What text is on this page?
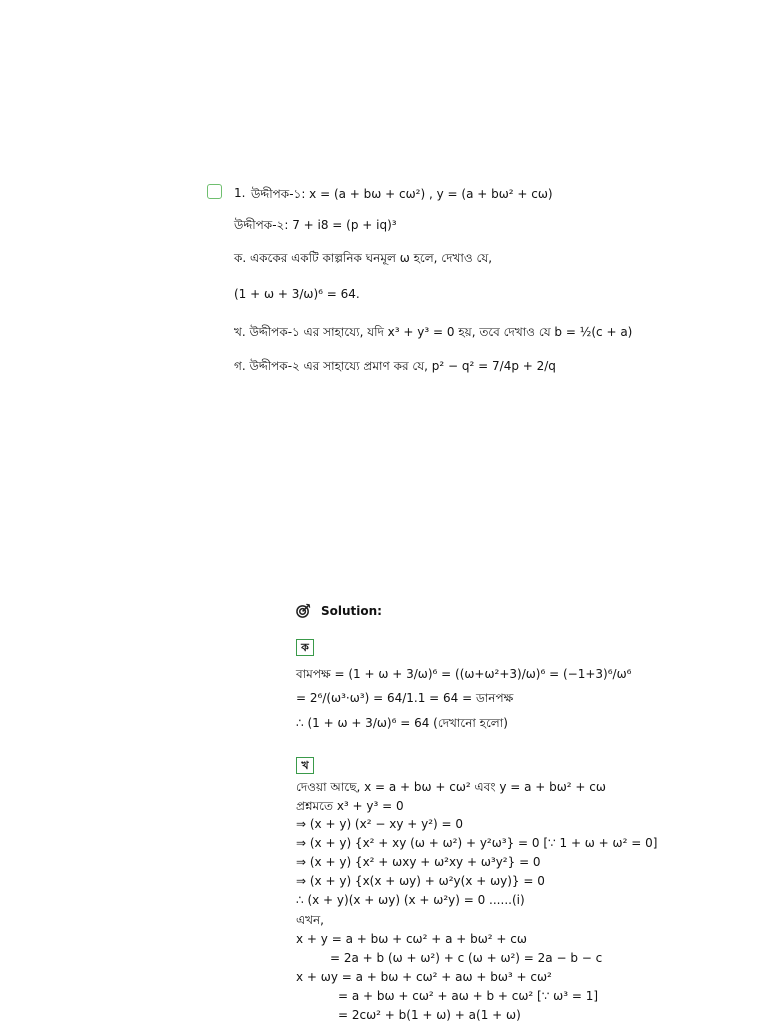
1. উদ্দীপক-১: x = (a + bω + cω²) , y = (a + bω² + cω)
উদ্দীপক-২: 7 + i8 = (p + iq)³
ক. এককের একটি কাল্পনিক ঘনমূল ω হলে, দেখাও যে,
(1 + ω + 3/ω)⁶ = 64.
খ. উদ্দীপক-১ এর সাহায্যে, যদি x³ + y³ = 0 হয়, তবে দেখাও যে b = ½(c + a)
গ. উদ্দীপক-২ এর সাহায্যে প্রমাণ কর যে, p² − q² = 7/4p + 2/q
Solution:
ক
বামপক্ষ = (1 + ω + 3/ω)⁶ = ((ω+ω²+3)/ω)⁶ = (−1+3)⁶/ω⁶
= 2⁶/(ω³·ω³) = 64/1.1 = 64 = ডানপক্ষ
∴ (1 + ω + 3/ω)⁶ = 64 (দেখানো হলো)
খ
দেওয়া আছে, x = a + bω + cω² এবং y = a + bω² + cω
প্রশ্নমতে x³ + y³ = 0
⇒ (x + y) (x² − xy + y²) = 0
⇒ (x + y) {x² + xy (ω + ω²) + y²ω³} = 0 [∵ 1 + ω + ω² = 0]
⇒ (x + y) {x² + ωxy + ω²xy + ω³y²} = 0
⇒ (x + y) {x(x + ωy) + ω²y(x + ωy)} = 0
∴ (x + y)(x + ωy) (x + ω²y) = 0 ......(i)
এখন,
x + y = a + bω + cω² + a + bω² + cω
= 2a + b (ω + ω²) + c (ω + ω²) = 2a − b − c
x + ωy = a + bω + cω² + aω + bω³ + cω²
= a + bω + cω² + aω + b + cω² [∵ ω³ = 1]
= 2cω² + b(1 + ω) + a(1 + ω)
